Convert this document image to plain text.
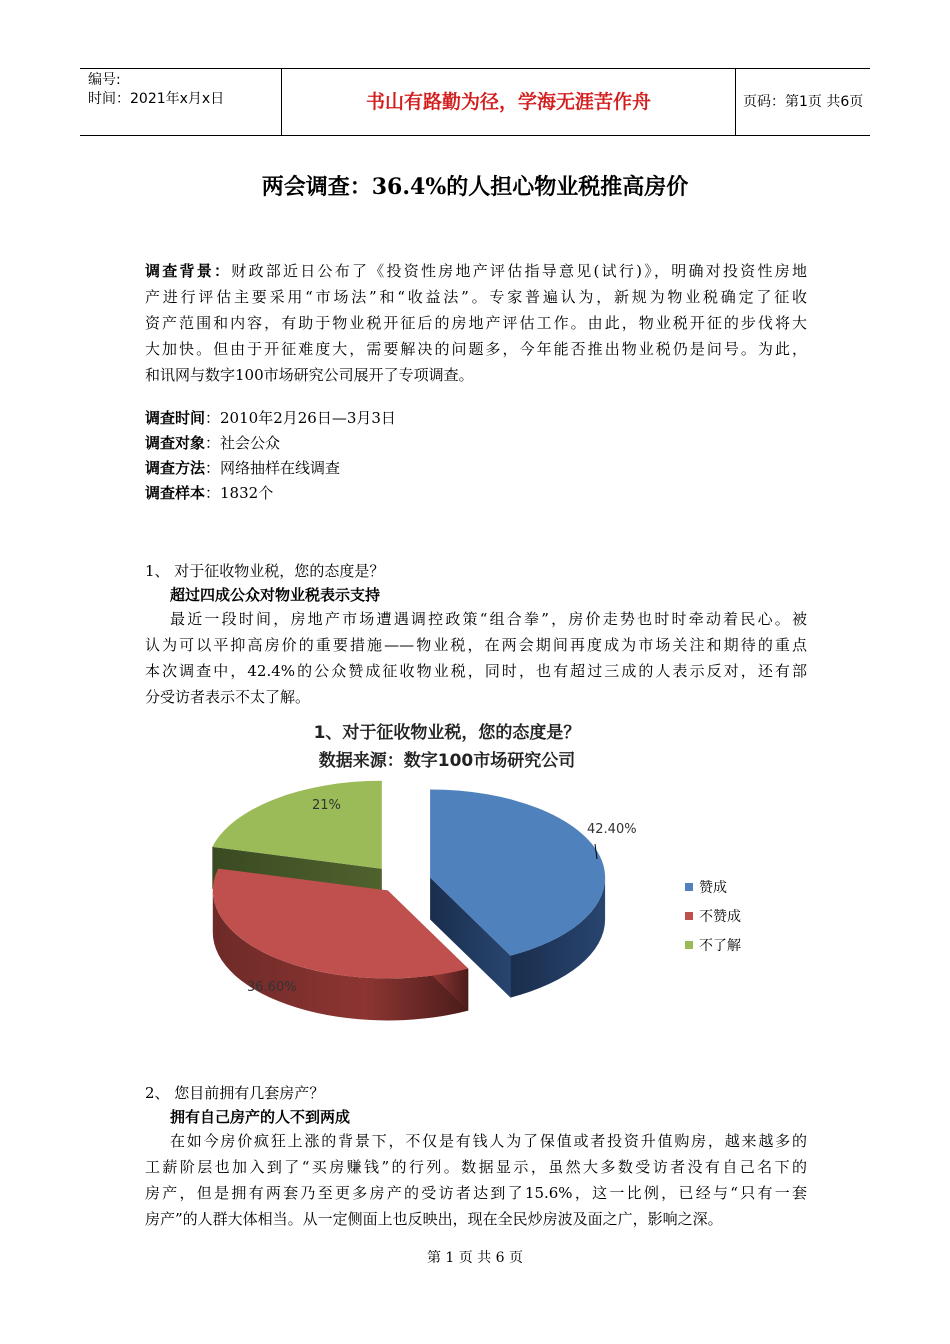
编号:
时间：2021年x月x日	书山有路勤为径，学海无涯苦作舟	页码：第1页 共6页
两会调查：36.4%的人担心物业税推高房价
调查背景：财政部近日公布了《投资性房地产评估指导意见(试行)》，明确对投资性房地
产进行评估主要采用“市场法”和“收益法”。专家普遍认为，新规为物业税确定了征收
资产范围和内容，有助于物业税开征后的房地产评估工作。由此，物业税开征的步伐将大
大加快。但由于开征难度大，需要解决的问题多，今年能否推出物业税仍是问号。为此，
和讯网与数字100市场研究公司展开了专项调查。
调查时间：2010年2月26日—3月3日
调查对象：社会公众
调查方法：网络抽样在线调查
调查样本：1832个
1、 对于征收物业税，您的态度是？
超过四成公众对物业税表示支持
最近一段时间，房地产市场遭遇调控政策“组合拳”，房价走势也时时牵动着民心。被
认为可以平抑高房价的重要措施——物业税，在两会期间再度成为市场关注和期待的重点
本次调查中，42.4%的公众赞成征收物业税，同时，也有超过三成的人表示反对，还有部
分受访者表示不太了解。
1、对于征收物业税，您的态度是？
数据来源：数字100市场研究公司
42.40%
36.60%
21%
赞成
不赞成
不了解
2、 您目前拥有几套房产？
拥有自己房产的人不到两成
在如今房价疯狂上涨的背景下，不仅是有钱人为了保值或者投资升值购房，越来越多的
工薪阶层也加入到了“买房赚钱”的行列。数据显示，虽然大多数受访者没有自己名下的
房产，但是拥有两套乃至更多房产的受访者达到了15.6%，这一比例，已经与“只有一套
房产”的人群大体相当。从一定侧面上也反映出，现在全民炒房波及面之广，影响之深。
第 1 页 共 6 页
